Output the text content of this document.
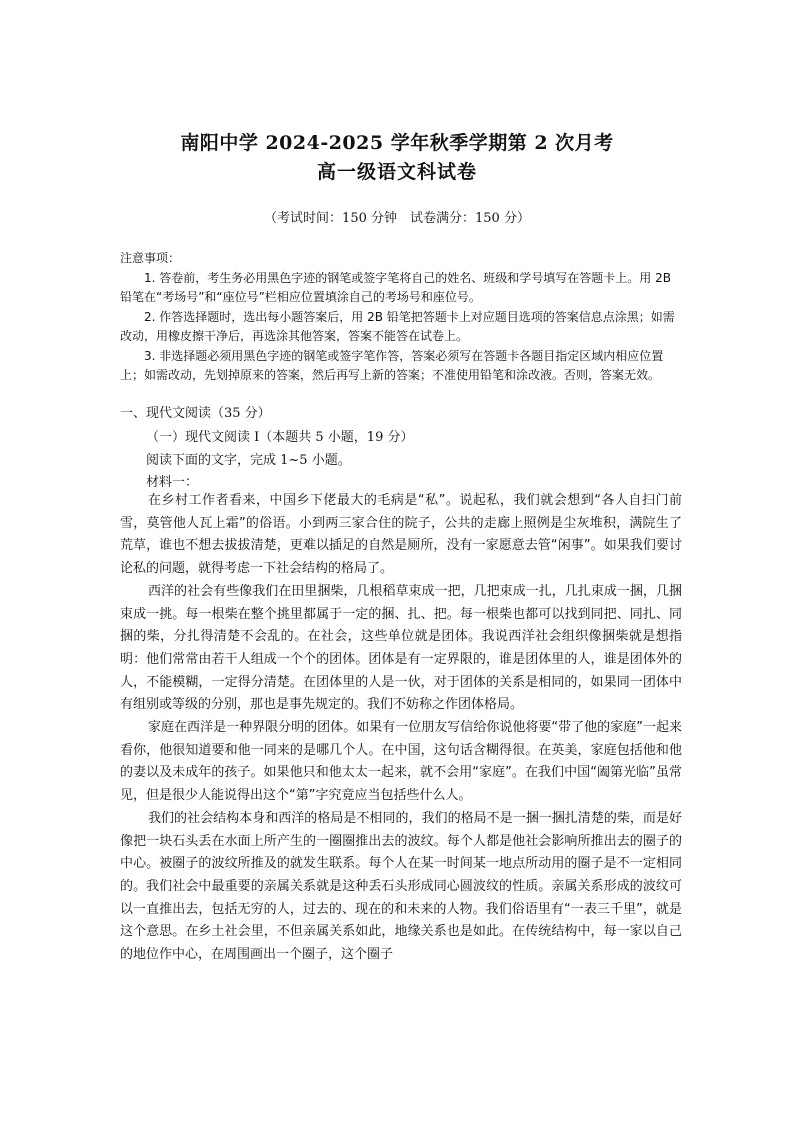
南阳中学 2024-2025 学年秋季学期第 2 次月考
高一级语文科试卷
（考试时间：150 分钟　试卷满分：150 分）

注意事项：

1. 答卷前，考生务必用黑色字迹的钢笔或签字笔将自己的姓名、班级和学号填写在答题卡上。用 2B 铅笔在“考场号”和“座位号”栏相应位置填涂自己的考场号和座位号。

2. 作答选择题时，选出每小题答案后，用 2B 铅笔把答题卡上对应题目选项的答案信息点涂黑；如需改动，用橡皮擦干净后，再选涂其他答案，答案不能答在试卷上。

3. 非选择题必须用黑色字迹的钢笔或签字笔作答，答案必须写在答题卡各题目指定区域内相应位置上；如需改动，先划掉原来的答案，然后再写上新的答案；不准使用铅笔和涂改液。否则，答案无效。

一、现代文阅读（35 分）
（一）现代文阅读 I（本题共 5 小题，19 分）
阅读下面的文字，完成 1~5 小题。
材料一：

在乡村工作者看来，中国乡下佬最大的毛病是“私”。说起私，我们就会想到“各人自扫门前雪，莫管他人瓦上霜”的俗语。小到两三家合住的院子，公共的走廊上照例是尘灰堆积，满院生了荒草，谁也不想去拔拔清楚，更难以插足的自然是厕所，没有一家愿意去管“闲事”。如果我们要讨论私的问题，就得考虑一下社会结构的格局了。

西洋的社会有些像我们在田里捆柴，几根稻草束成一把，几把束成一扎，几扎束成一捆，几捆束成一挑。每一根柴在整个挑里都属于一定的捆、扎、把。每一根柴也都可以找到同把、同扎、同捆的柴，分扎得清楚不会乱的。在社会，这些单位就是团体。我说西洋社会组织像捆柴就是想指明：他们常常由若干人组成一个个的团体。团体是有一定界限的，谁是团体里的人，谁是团体外的人，不能模糊，一定得分清楚。在团体里的人是一伙，对于团体的关系是相同的，如果同一团体中有组别或等级的分别，那也是事先规定的。我们不妨称之作团体格局。

家庭在西洋是一种界限分明的团体。如果有一位朋友写信给你说他将要“带了他的家庭”一起来看你，他很知道要和他一同来的是哪几个人。在中国，这句话含糊得很。在英美，家庭包括他和他的妻以及未成年的孩子。如果他只和他太太一起来，就不会用“家庭”。在我们中国“阖第光临”虽常见，但是很少人能说得出这个“第”字究竟应当包括些什么人。

我们的社会结构本身和西洋的格局是不相同的，我们的格局不是一捆一捆扎清楚的柴，而是好像把一块石头丢在水面上所产生的一圈圈推出去的波纹。每个人都是他社会影响所推出去的圈子的中心。被圈子的波纹所推及的就发生联系。每个人在某一时间某一地点所动用的圈子是不一定相同的。我们社会中最重要的亲属关系就是这种丢石头形成同心圆波纹的性质。亲属关系形成的波纹可以一直推出去，包括无穷的人，过去的、现在的和未来的人物。我们俗语里有“一表三千里”，就是这个意思。在乡土社会里，不但亲属关系如此，地缘关系也是如此。在传统结构中，每一家以自己的地位作中心，在周围画出一个圈子，这个圈子
